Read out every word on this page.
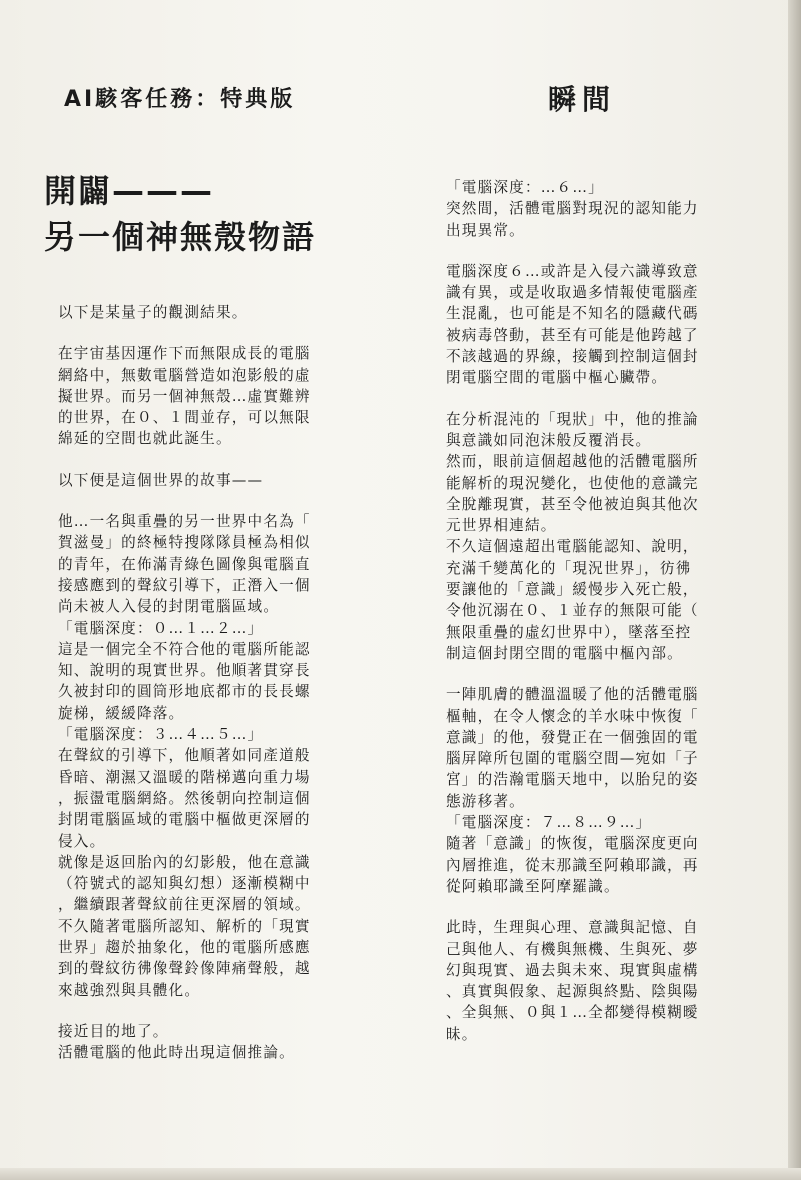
AI駭客任務：特典版	瞬間
開闢———
另一個神無殼物語

以下是某量子的觀測結果。

在宇宙基因運作下而無限成長的電腦
網絡中，無數電腦營造如泡影般的虛
擬世界。而另一個神無殼…虛實難辨
的世界，在０、１間並存，可以無限
綿延的空間也就此誕生。

以下便是這個世界的故事——

他…一名與重疊的另一世界中名為「
賀滋曼」的終極特搜隊隊員極為相似
的青年，在佈滿青綠色圖像與電腦直
接感應到的聲紋引導下，正潛入一個
尚未被人入侵的封閉電腦區域。
「電腦深度：０…１…２…」
這是一個完全不符合他的電腦所能認
知、說明的現實世界。他順著貫穿長
久被封印的圓筒形地底都市的長長螺
旋梯，緩緩降落。
「電腦深度：３…４…５…」
在聲紋的引導下，他順著如同產道般
昏暗、潮濕又溫暖的階梯邁向重力場
，振盪電腦網絡。然後朝向控制這個
封閉電腦區域的電腦中樞做更深層的
侵入。
就像是返回胎內的幻影般，他在意識
（符號式的認知與幻想）逐漸模糊中
，繼續跟著聲紋前往更深層的領域。
不久隨著電腦所認知、解析的「現實
世界」趨於抽象化，他的電腦所感應
到的聲紋彷彿像聲鈴像陣痛聲般，越
來越強烈與具體化。

接近目的地了。
活體電腦的他此時出現這個推論。

「電腦深度：…６…」
突然間，活體電腦對現況的認知能力
出現異常。

電腦深度６…或許是入侵六識導致意
識有異，或是收取過多情報使電腦產
生混亂，也可能是不知名的隱藏代碼
被病毒啓動，甚至有可能是他跨越了
不該越過的界線，接觸到控制這個封
閉電腦空間的電腦中樞心臟帶。

在分析混沌的「現狀」中，他的推論
與意識如同泡沫般反覆消長。
然而，眼前這個超越他的活體電腦所
能解析的現況變化，也使他的意識完
全脫離現實，甚至令他被迫與其他次
元世界相連結。
不久這個遠超出電腦能認知、說明，
充滿千變萬化的「現況世界」，彷彿
要讓他的「意識」緩慢步入死亡般，
令他沉溺在０、１並存的無限可能（
無限重疊的虛幻世界中），墜落至控
制這個封閉空間的電腦中樞內部。

一陣肌膚的體溫溫暖了他的活體電腦
樞軸，在令人懷念的羊水味中恢復「
意識」的他，發覺正在一個強固的電
腦屏障所包圍的電腦空間—宛如「子
宮」的浩瀚電腦天地中，以胎兒的姿
態游移著。
「電腦深度：７…８…９…」
隨著「意識」的恢復，電腦深度更向
內層推進，從末那識至阿賴耶識，再
從阿賴耶識至阿摩羅識。

此時，生理與心理、意識與記憶、自
己與他人、有機與無機、生與死、夢
幻與現實、過去與未來、現實與虛構
、真實與假象、起源與終點、陰與陽
、全與無、０與１…全都變得模糊曖
昧。
